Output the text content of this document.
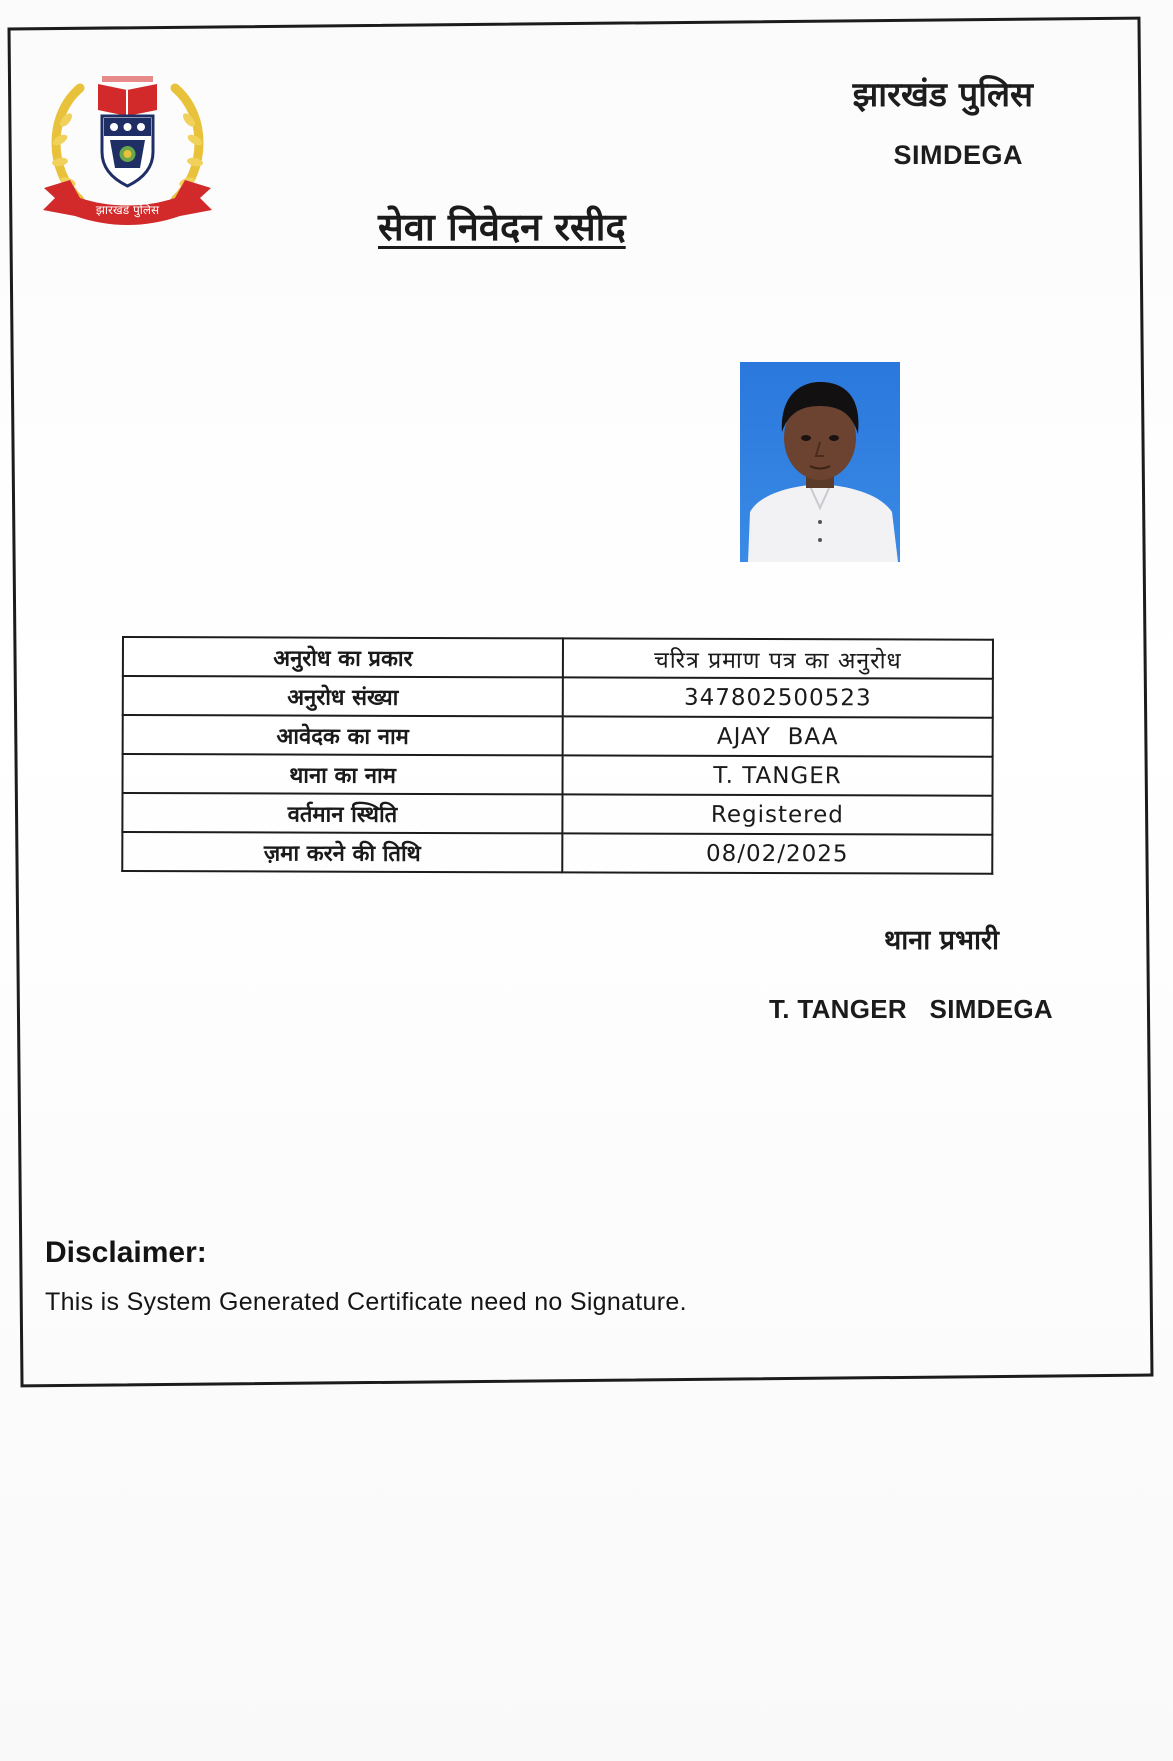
झारखंड पुलिस
झारखंड पुलिस
SIMDEGA
सेवा निवेदन रसीद
अनुरोध का प्रकार	चरित्र प्रमाण पत्र का अनुरोध
अनुरोध संख्या	347802500523
आवेदक का नाम	AJAY  BAA
थाना का नाम	T. TANGER
वर्तमान स्थिति	Registered
ज़मा करने की तिथि	08/02/2025
थाना प्रभारी
T. TANGER   SIMDEGA
Disclaimer:
This is System Generated Certificate need no Signature.
